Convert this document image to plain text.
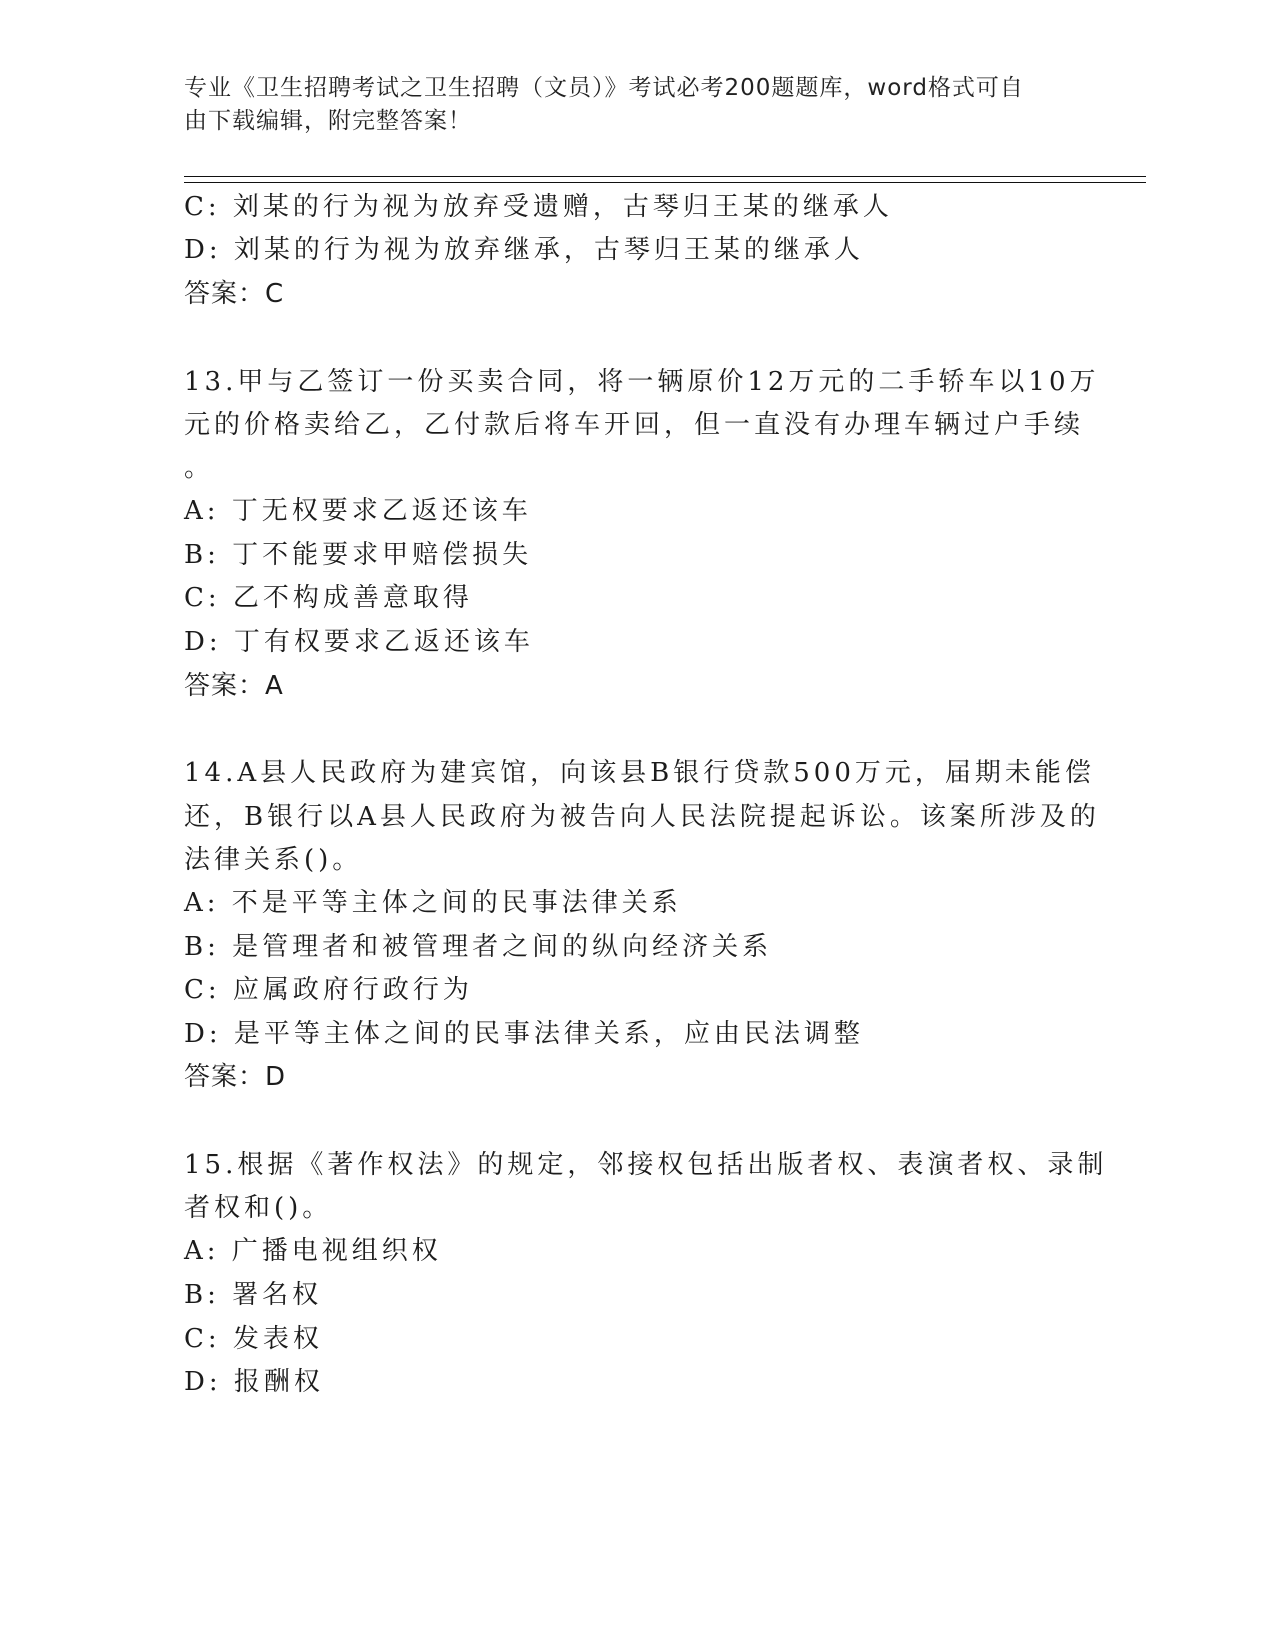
专业《卫生招聘考试之卫生招聘（文员）》考试必考200题题库，word格式可自
由下载编辑，附完整答案！
C: 刘某的行为视为放弃受遗赠，古琴归王某的继承人
D: 刘某的行为视为放弃继承，古琴归王某的继承人
答案：C
13.甲与乙签订一份买卖合同，将一辆原价12万元的二手轿车以10万
元的价格卖给乙，乙付款后将车开回，但一直没有办理车辆过户手续
。
A: 丁无权要求乙返还该车
B: 丁不能要求甲赔偿损失
C: 乙不构成善意取得
D: 丁有权要求乙返还该车
答案：A
14.A县人民政府为建宾馆，向该县B银行贷款500万元，届期未能偿
还，B银行以A县人民政府为被告向人民法院提起诉讼。该案所涉及的
法律关系()。
A: 不是平等主体之间的民事法律关系
B: 是管理者和被管理者之间的纵向经济关系
C: 应属政府行政行为
D: 是平等主体之间的民事法律关系，应由民法调整
答案：D
15.根据《著作权法》的规定，邻接权包括出版者权、表演者权、录制
者权和()。
A: 广播电视组织权
B: 署名权
C: 发表权
D: 报酬权
